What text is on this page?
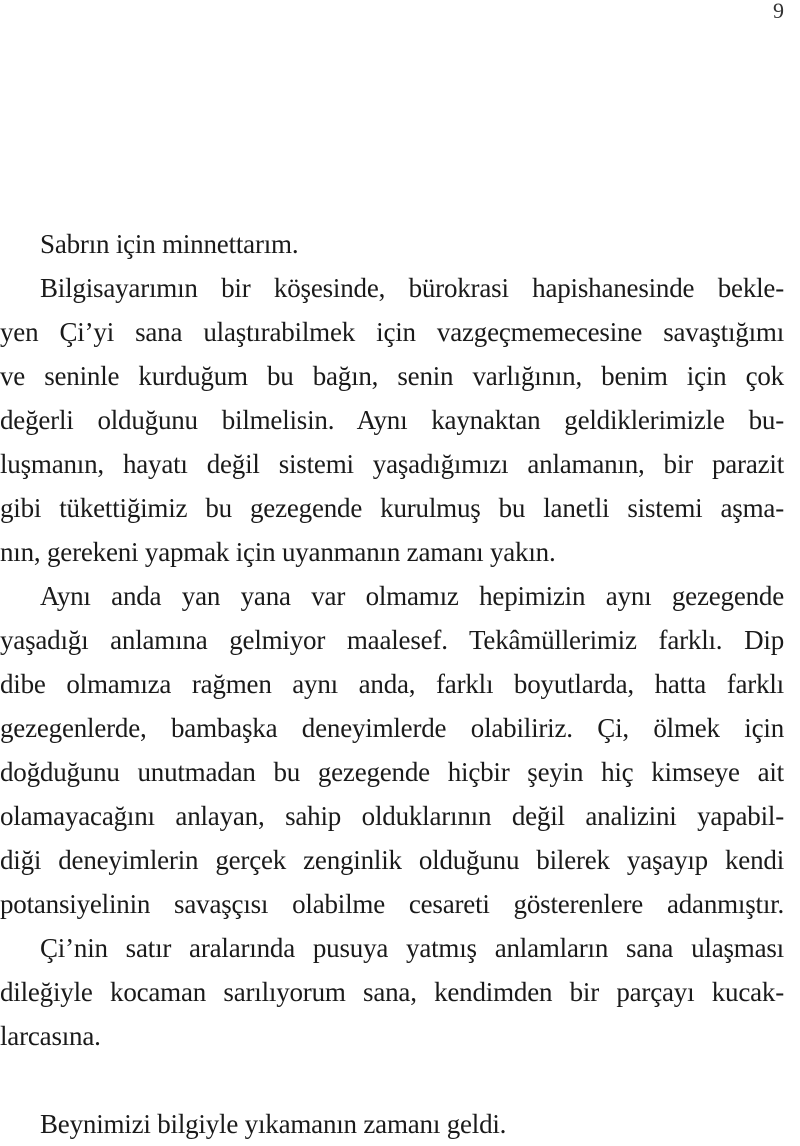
9
Sabrın için minnettarım.
Bilgisayarımın bir köşesinde, bürokrasi hapishanesinde bekle-
yen Çi’yi sana ulaştırabilmek için vazgeçmemecesine savaştığımı
ve seninle kurduğum bu bağın, senin varlığının, benim için çok
değerli olduğunu bilmelisin. Aynı kaynaktan geldiklerimizle bu-
luşmanın, hayatı değil sistemi yaşadığımızı anlamanın, bir parazit
gibi tükettiğimiz bu gezegende kurulmuş bu lanetli sistemi aşma-
nın, gerekeni yapmak için uyanmanın zamanı yakın.
Aynı anda yan yana var olmamız hepimizin aynı gezegende
yaşadığı anlamına gelmiyor maalesef. Tekâmüllerimiz farklı. Dip
dibe olmamıza rağmen aynı anda, farklı boyutlarda, hatta farklı
gezegenlerde, bambaşka deneyimlerde olabiliriz. Çi, ölmek için
doğduğunu unutmadan bu gezegende hiçbir şeyin hiç kimseye ait
olamayacağını anlayan, sahip olduklarının değil analizini yapabil-
diği deneyimlerin gerçek zenginlik olduğunu bilerek yaşayıp kendi
potansiyelinin savaşçısı olabilme cesareti gösterenlere adanmıştır.
Çi’nin satır aralarında pusuya yatmış anlamların sana ulaşması
dileğiyle kocaman sarılıyorum sana, kendimden bir parçayı kucak-
larcasına.
Beynimizi bilgiyle yıkamanın zamanı geldi.
